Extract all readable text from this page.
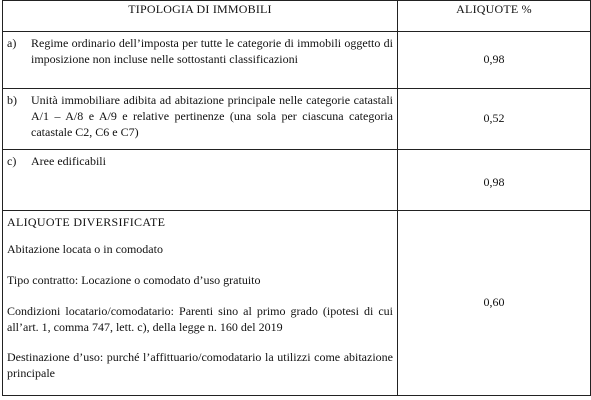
TIPOLOGIA DI IMMOBILI	ALIQUOTE %

a) Regime ordinario dell’imposta per tutte le categorie di immobili oggetto di imposizione non incluse nelle sottostanti classificazioni	0,98

b) Unità immobiliare adibita ad abitazione principale nelle categorie catastali A/1 – A/8 e A/9 e relative pertinenze (una sola per ciascuna categoria catastale C2, C6 e C7)	0,52

c) Aree edificabili	0,98

ALIQUOTE DIVERSIFICATE
Abitazione locata o in comodato
Tipo contratto: Locazione o comodato d’uso gratuito
Condizioni locatario/comodatario: Parenti sino al primo grado (ipotesi di cui all’art. 1, comma 747, lett. c), della legge n. 160 del 2019
Destinazione d’uso: purché l’affittuario/comodatario la utilizzi come abitazione principale	0,60
